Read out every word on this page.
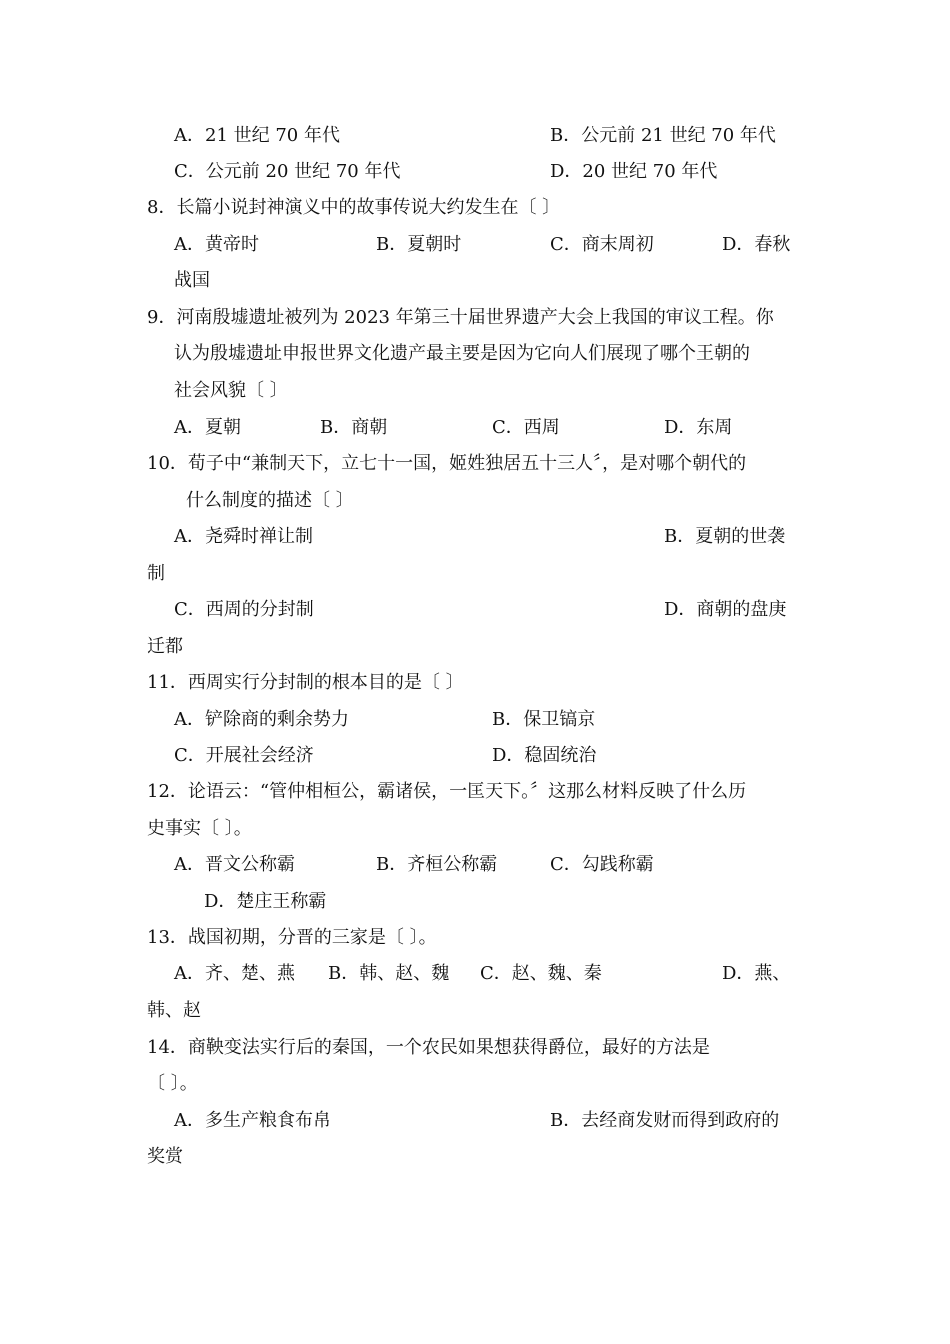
A．21 世纪 70 年代	B．公元前 21 世纪 70 年代
C．公元前 20 世纪 70 年代	D．20 世纪 70 年代
8．长篇小说封神演义中的故事传说大约发生在〔 〕
A．黄帝时	B．夏朝时	C．商末周初	D．春秋
战国
9．河南殷墟遗址被列为 2023 年第三十届世界遗产大会上我国的审议工程。你
认为殷墟遗址申报世界文化遗产最主要是因为它向人们展现了哪个王朝的
社会风貌〔 〕
A．夏朝	B．商朝	C．西周	D．东周
10．荀子中“兼制天下，立七十一国，姬姓独居五十三人〞，是对哪个朝代的
什么制度的描述〔 〕
A．尧舜时禅让制	B．夏朝的世袭
制
C．西周的分封制	D．商朝的盘庚
迁都
11．西周实行分封制的根本目的是〔 〕
A．铲除商的剩余势力	B．保卫镐京
C．开展社会经济	D．稳固统治
12．论语云：“管仲相桓公，霸诸侯，一匡天下。〞这那么材料反映了什么历
史事实〔 〕。
A．晋文公称霸	B．齐桓公称霸	C．勾践称霸
D．楚庄王称霸
13．战国初期，分晋的三家是〔 〕。
A．齐、楚、燕 B．韩、赵、魏 C．赵、魏、秦	D．燕、
韩、赵
14．商鞅变法实行后的秦国，一个农民如果想获得爵位，最好的方法是
〔 〕。
A．多生产粮食布帛	B．去经商发财而得到政府的
奖赏
